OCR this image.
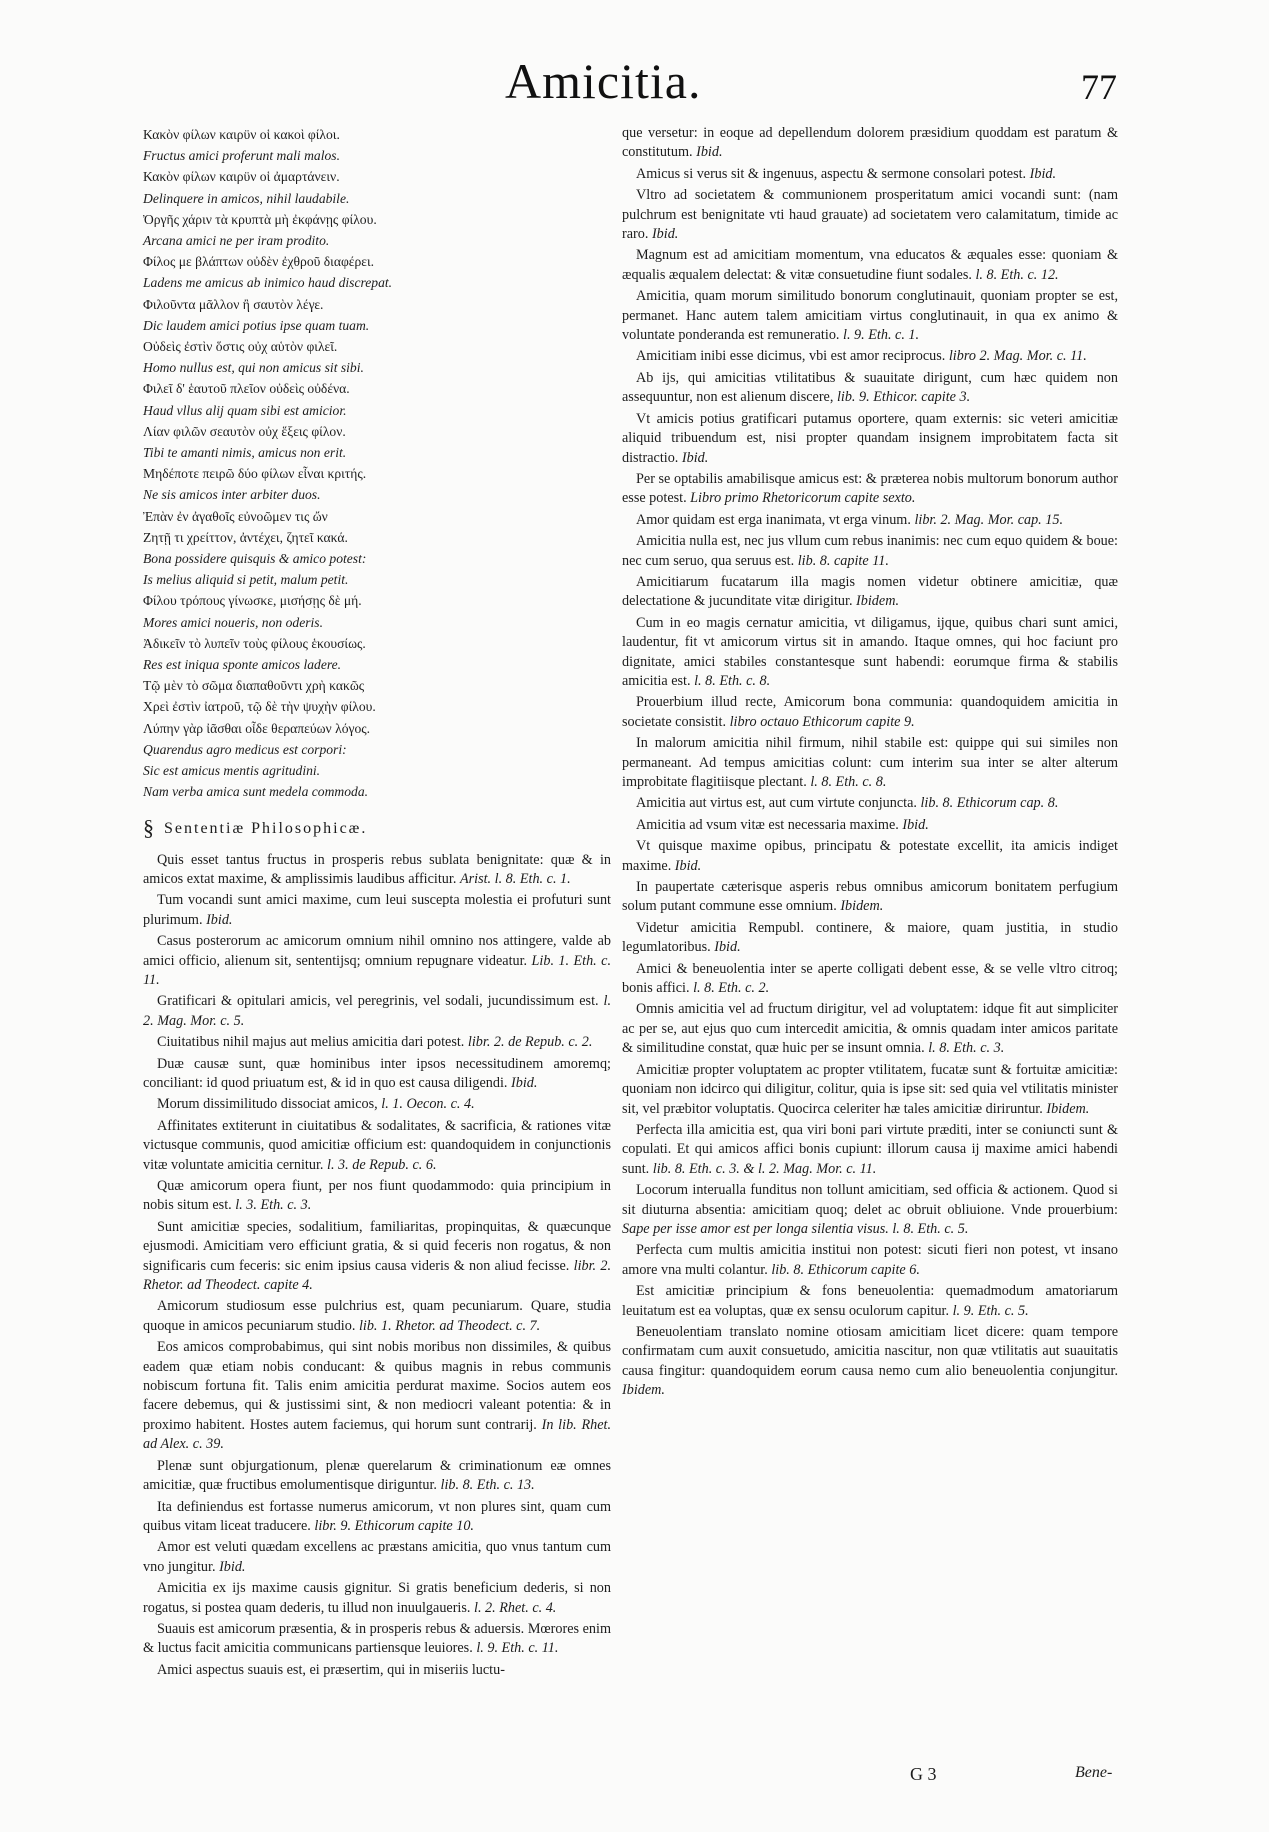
Amicitia.	77

Κακὸν φίλων καιρϋν οἱ κακοὶ φίλοι.

Fructus amici proferunt mali malos.

Κακὸν φίλων καιρϋν οἱ ἀμαρτάνειν.

Delinquere in amicos, nihil laudabile.

Ὀργῆς χάριν τὰ κρυπτὰ μὴ ἐκφάνῃς φίλου.

Arcana amici ne per iram prodito.

Φίλος με βλάπτων οὐδὲν ἐχθροῦ διαφέρει.

Ladens me amicus ab inimico haud discrepat.

Φιλοῦντα μᾶλλον ἢ σαυτὸν λέγε.

Dic laudem amici potius ipse quam tuam.

Οὐδεὶς ἐστὶν ὅστις οὐχ αὑτὸν φιλεῖ.

Homo nullus est, qui non amicus sit sibi.

Φιλεῖ δ' ἑαυτοῦ πλεῖον οὐδεὶς οὐδένα.

Haud vllus alij quam sibi est amicior.

Λίαν φιλῶν σεαυτὸν οὐχ ἕξεις φίλον.

Tibi te amanti nimis, amicus non erit.

Μηδέποτε πειρῶ δύο φίλων εἶναι κριτής.

Ne sis amicos inter arbiter duos.

Ἐπὰν ἐν ἀγαθοῖς εὐνοῶμεν τις ὤν

Ζητῇ τι χρείττον, ἀντέχει, ζητεῖ κακά.

Bona possidere quisquis & amico potest:

Is melius aliquid si petit, malum petit.

Φίλου τρόπους γίνωσκε, μισήσῃς δὲ μή.

Mores amici noueris, non oderis.

Ἀδικεῖν τὸ λυπεῖν τοὺς φίλους ἑκουσίως.

Res est iniqua sponte amicos ladere.

Τῷ μὲν τὸ σῶμα διαπαθοῦντι χρὴ κακῶς

Χρεὶ ἐστὶν ἰατροῦ, τῷ δὲ τὴν ψυχὴν φίλου.

Λύπην γὰρ ἰᾶσθαι οἶδε θεραπεύων λόγος.

Quarendus agro medicus est corpori:

Sic est amicus mentis agritudini.

Nam verba amica sunt medela commoda.

§ Sententiæ Philosophicæ.

Quis esset tantus fructus in prosperis rebus sublata benignitate: quæ & in amicos extat maxime, & amplissimis laudibus afficitur. Arist. l. 8. Eth. c. 1.

Tum vocandi sunt amici maxime, cum leui suscepta molestia ei profuturi sunt plurimum. Ibid.

Casus posterorum ac amicorum omnium nihil omnino nos attingere, valde ab amici officio, alienum sit, sententijsq; omnium repugnare videatur. Lib. 1. Eth. c. 11.

Gratificari & opitulari amicis, vel peregrinis, vel sodali, jucundissimum est. l. 2. Mag. Mor. c. 5.

Ciuitatibus nihil majus aut melius amicitia dari potest. libr. 2. de Repub. c. 2.

Duæ causæ sunt, quæ hominibus inter ipsos necessitudinem amoremq; conciliant: id quod priuatum est, & id in quo est causa diligendi. Ibid.

Morum dissimilitudo dissociat amicos, l. 1. Oecon. c. 4.

Affinitates extiterunt in ciuitatibus & sodalitates, & sacrificia, & rationes vitæ victusque communis, quod amicitiæ officium est: quandoquidem in conjunctionis vitæ voluntate amicitia cernitur. l. 3. de Repub. c. 6.

Quæ amicorum opera fiunt, per nos fiunt quodammodo: quia principium in nobis situm est. l. 3. Eth. c. 3.

Sunt amicitiæ species, sodalitium, familiaritas, propinquitas, & quæcunque ejusmodi. Amicitiam vero efficiunt gratia, & si quid feceris non rogatus, & non significaris cum feceris: sic enim ipsius causa videris & non aliud fecisse. libr. 2. Rhetor. ad Theodect. capite 4.

Amicorum studiosum esse pulchrius est, quam pecuniarum. Quare, studia quoque in amicos pecuniarum studio. lib. 1. Rhetor. ad Theodect. c. 7.

Eos amicos comprobabimus, qui sint nobis moribus non dissimiles, & quibus eadem quæ etiam nobis conducant: & quibus magnis in rebus communis nobiscum fortuna fit. Talis enim amicitia perdurat maxime. Socios autem eos facere debemus, qui & justissimi sint, & non mediocri valeant potentia: & in proximo habitent. Hostes autem faciemus, qui horum sunt contrarij. In lib. Rhet. ad Alex. c. 39.

Plenæ sunt objurgationum, plenæ querelarum & criminationum eæ omnes amicitiæ, quæ fructibus emolumentisque diriguntur. lib. 8. Eth. c. 13.

Ita definiendus est fortasse numerus amicorum, vt non plures sint, quam cum quibus vitam liceat traducere. libr. 9. Ethicorum capite 10.

Amor est veluti quædam excellens ac præstans amicitia, quo vnus tantum cum vno jungitur. Ibid.

Amicitia ex ijs maxime causis gignitur. Si gratis beneficium dederis, si non rogatus, si postea quam dederis, tu illud non inuulgaueris. l. 2. Rhet. c. 4.

Suauis est amicorum præsentia, & in prosperis rebus & aduersis. Mœrores enim & luctus facit amicitia communicans partiensque leuiores. l. 9. Eth. c. 11.

Amici aspectus suauis est, ei præsertim, qui in miseriis luctu-

que versetur: in eoque ad depellendum dolorem præsidium quoddam est paratum & constitutum. Ibid.

Amicus si verus sit & ingenuus, aspectu & sermone consolari potest. Ibid.

Vltro ad societatem & communionem prosperitatum amici vocandi sunt: (nam pulchrum est benignitate vti haud grauate) ad societatem vero calamitatum, timide ac raro. Ibid.

Magnum est ad amicitiam momentum, vna educatos & æquales esse: quoniam & æqualis æqualem delectat: & vitæ consuetudine fiunt sodales. l. 8. Eth. c. 12.

Amicitia, quam morum similitudo bonorum conglutinauit, quoniam propter se est, permanet. Hanc autem talem amicitiam virtus conglutinauit, in qua ex animo & voluntate ponderanda est remuneratio. l. 9. Eth. c. 1.

Amicitiam inibi esse dicimus, vbi est amor reciprocus. libro 2. Mag. Mor. c. 11.

Ab ijs, qui amicitias vtilitatibus & suauitate dirigunt, cum hæc quidem non assequuntur, non est alienum discere, lib. 9. Ethicor. capite 3.

Vt amicis potius gratificari putamus oportere, quam externis: sic veteri amicitiæ aliquid tribuendum est, nisi propter quandam insignem improbitatem facta sit distractio. Ibid.

Per se optabilis amabilisque amicus est: & præterea nobis multorum bonorum author esse potest. Libro primo Rhetoricorum capite sexto.

Amor quidam est erga inanimata, vt erga vinum. libr. 2. Mag. Mor. cap. 15.

Amicitia nulla est, nec jus vllum cum rebus inanimis: nec cum equo quidem & boue: nec cum seruo, qua seruus est. lib. 8. capite 11.

Amicitiarum fucatarum illa magis nomen videtur obtinere amicitiæ, quæ delectatione & jucunditate vitæ dirigitur. Ibidem.

Cum in eo magis cernatur amicitia, vt diligamus, ijque, quibus chari sunt amici, laudentur, fit vt amicorum virtus sit in amando. Itaque omnes, qui hoc faciunt pro dignitate, amici stabiles constantesque sunt habendi: eorumque firma & stabilis amicitia est. l. 8. Eth. c. 8.

Prouerbium illud recte, Amicorum bona communia: quandoquidem amicitia in societate consistit. libro octauo Ethicorum capite 9.

In malorum amicitia nihil firmum, nihil stabile est: quippe qui sui similes non permaneant. Ad tempus amicitias colunt: cum interim sua inter se alter alterum improbitate flagitiisque plectant. l. 8. Eth. c. 8.

Amicitia aut virtus est, aut cum virtute conjuncta. lib. 8. Ethicorum cap. 8.

Amicitia ad vsum vitæ est necessaria maxime. Ibid.

Vt quisque maxime opibus, principatu & potestate excellit, ita amicis indiget maxime. Ibid.

In paupertate cæterisque asperis rebus omnibus amicorum bonitatem perfugium solum putant commune esse omnium. Ibidem.

Videtur amicitia Rempubl. continere, & maiore, quam justitia, in studio legumlatoribus. Ibid.

Amici & beneuolentia inter se aperte colligati debent esse, & se velle vltro citroq; bonis affici. l. 8. Eth. c. 2.

Omnis amicitia vel ad fructum dirigitur, vel ad voluptatem: idque fit aut simpliciter ac per se, aut ejus quo cum intercedit amicitia, & omnis quadam inter amicos paritate & similitudine constat, quæ huic per se insunt omnia. l. 8. Eth. c. 3.

Amicitiæ propter voluptatem ac propter vtilitatem, fucatæ sunt & fortuitæ amicitiæ: quoniam non idcirco qui diligitur, colitur, quia is ipse sit: sed quia vel vtilitatis minister sit, vel præbitor voluptatis. Quocirca celeriter hæ tales amicitiæ diriruntur. Ibidem.

Perfecta illa amicitia est, qua viri boni pari virtute præditi, inter se coniuncti sunt & copulati. Et qui amicos affici bonis cupiunt: illorum causa ij maxime amici habendi sunt. lib. 8. Eth. c. 3. & l. 2. Mag. Mor. c. 11.

Locorum interualla funditus non tollunt amicitiam, sed officia & actionem. Quod si sit diuturna absentia: amicitiam quoq; delet ac obruit obliuione. Vnde prouerbium: Sape per isse amor est per longa silentia visus. l. 8. Eth. c. 5.

Perfecta cum multis amicitia institui non potest: sicuti fieri non potest, vt insano amore vna multi colantur. lib. 8. Ethicorum capite 6.

Est amicitiæ principium & fons beneuolentia: quemadmodum amatoriarum leuitatum est ea voluptas, quæ ex sensu oculorum capitur. l. 9. Eth. c. 5.

Beneuolentiam translato nomine otiosam amicitiam licet dicere: quam tempore confirmatam cum auxit consuetudo, amicitia nascitur, non quæ vtilitatis aut suauitatis causa fingitur: quandoquidem eorum causa nemo cum alio beneuolentia conjungitur. Ibidem.

G 3	Bene-
